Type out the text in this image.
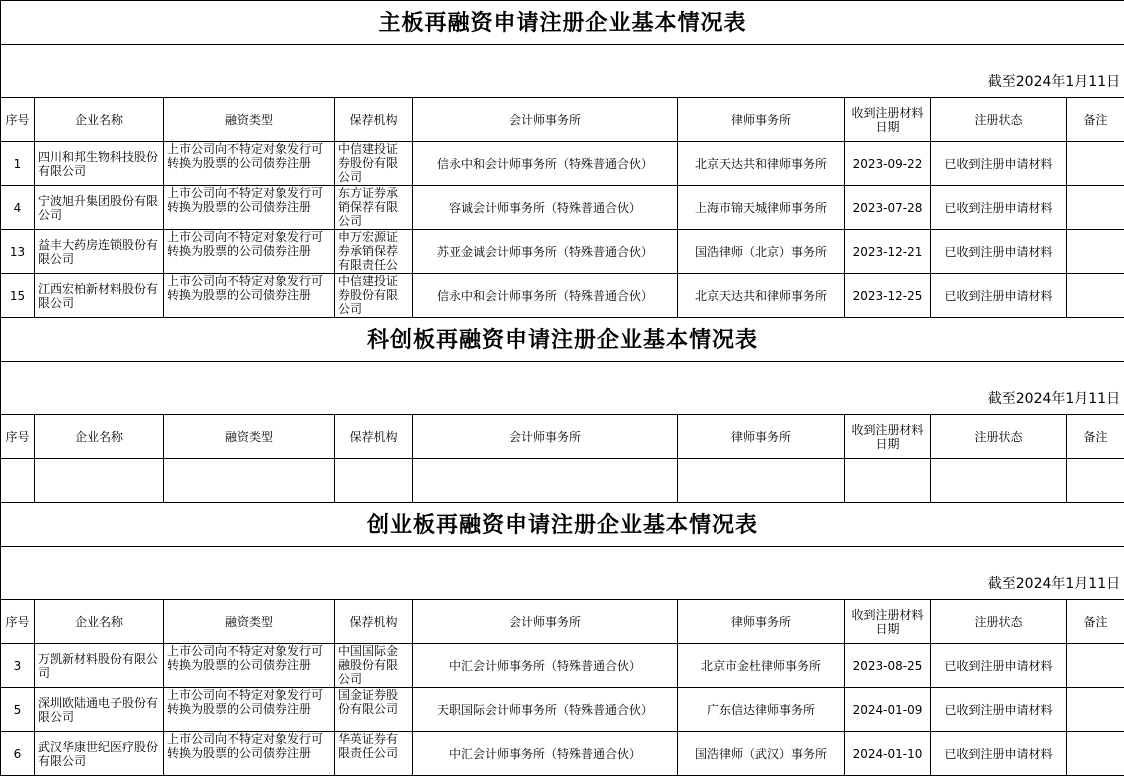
主板再融资申请注册企业基本情况表								
截至2024年1月11日								
序号	企业名称	融资类型	保荐机构	会计师事务所	律师事务所	收到注册材料日期	注册状态	备注
1	四川和邦生物科技股份有限公司	上市公司向不特定对象发行可转换为股票的公司债券注册	中信建投证券股份有限公司	信永中和会计师事务所（特殊普通合伙）	北京天达共和律师事务所	2023-09-22	已收到注册申请材料	
4	宁波旭升集团股份有限公司	上市公司向不特定对象发行可转换为股票的公司债券注册	东方证券承销保荐有限公司	容诚会计师事务所（特殊普通合伙）	上海市锦天城律师事务所	2023-07-28	已收到注册申请材料	
13	益丰大药房连锁股份有限公司	上市公司向不特定对象发行可转换为股票的公司债券注册	申万宏源证券承销保荐有限责任公	苏亚金诚会计师事务所（特殊普通合伙）	国浩律师（北京）事务所	2023-12-21	已收到注册申请材料	
15	江西宏柏新材料股份有限公司	上市公司向不特定对象发行可转换为股票的公司债券注册	中信建投证券股份有限公司	信永中和会计师事务所（特殊普通合伙）	北京天达共和律师事务所	2023-12-25	已收到注册申请材料	
科创板再融资申请注册企业基本情况表								
截至2024年1月11日								
序号	企业名称	融资类型	保荐机构	会计师事务所	律师事务所	收到注册材料日期	注册状态	备注

创业板再融资申请注册企业基本情况表								
截至2024年1月11日								
序号	企业名称	融资类型	保荐机构	会计师事务所	律师事务所	收到注册材料日期	注册状态	备注
3	万凯新材料股份有限公司	上市公司向不特定对象发行可转换为股票的公司债券注册	中国国际金融股份有限公司	中汇会计师事务所（特殊普通合伙）	北京市金杜律师事务所	2023-08-25	已收到注册申请材料	
5	深圳欧陆通电子股份有限公司	上市公司向不特定对象发行可转换为股票的公司债券注册	国金证券股份有限公司	天职国际会计师事务所（特殊普通合伙）	广东信达律师事务所	2024-01-09	已收到注册申请材料	
6	武汉华康世纪医疗股份有限公司	上市公司向不特定对象发行可转换为股票的公司债券注册	华英证券有限责任公司	中汇会计师事务所（特殊普通合伙）	国浩律师（武汉）事务所	2024-01-10	已收到注册申请材料	
